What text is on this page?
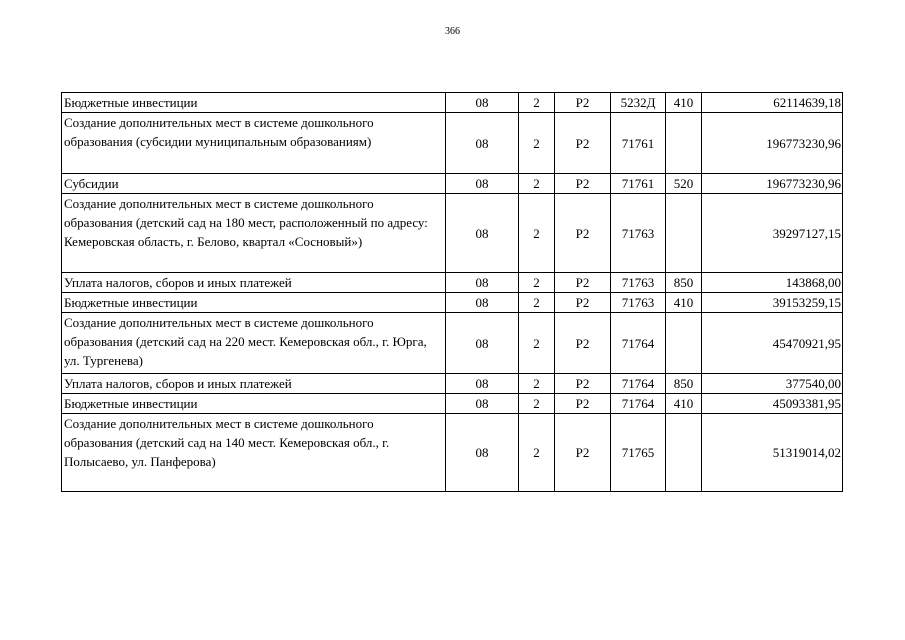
366
Бюджетные инвестиции	08	2	P2	5232Д	410	62114639,18
Создание дополнительных мест в системе дошкольного образования (субсидии муниципальным образованиям)	08	2	P2	71761		196773230,96
Субсидии	08	2	P2	71761	520	196773230,96
Создание дополнительных мест в системе дошкольного образования (детский сад на 180 мест, расположенный по адресу: Кемеровская область, г. Белово, квартал «Сосновый»)	08	2	P2	71763		39297127,15
Уплата налогов, сборов и иных платежей	08	2	P2	71763	850	143868,00
Бюджетные инвестиции	08	2	P2	71763	410	39153259,15
Создание дополнительных мест в системе дошкольного образования (детский сад на 220 мест. Кемеровская обл., г. Юрга, ул. Тургенева)	08	2	P2	71764		45470921,95
Уплата налогов, сборов и иных платежей	08	2	P2	71764	850	377540,00
Бюджетные инвестиции	08	2	P2	71764	410	45093381,95
Создание дополнительных мест в системе дошкольного образования (детский сад на 140 мест. Кемеровская обл., г. Полысаево, ул. Панферова)	08	2	P2	71765		51319014,02
